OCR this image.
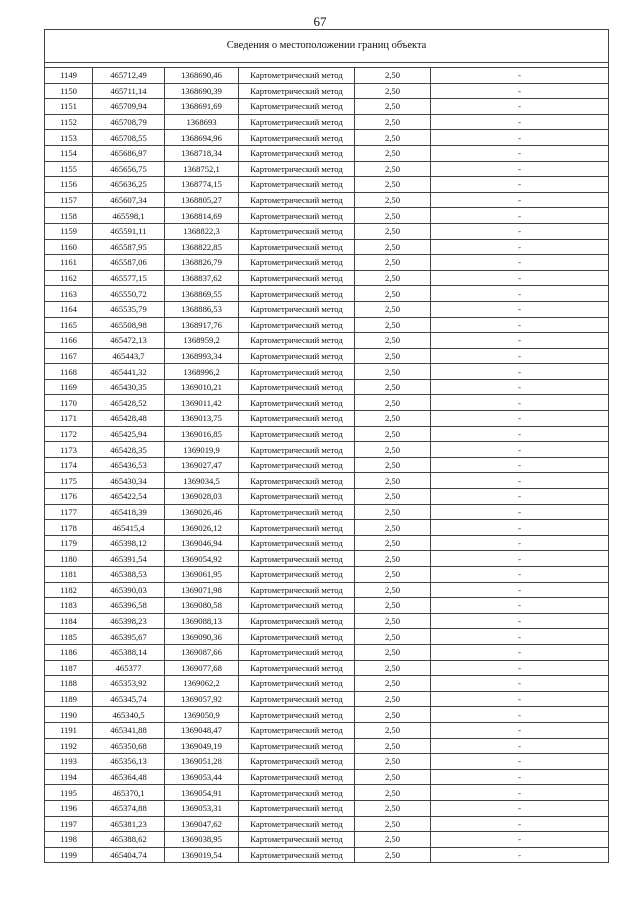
67
Сведения о местоположении границ объекта					

1149	465712,49	1368690,46	Картометрический метод	2,50	-
1150	465711,14	1368690,39	Картометрический метод	2,50	-
1151	465709,94	1368691,69	Картометрический метод	2,50	-
1152	465708,79	1368693	Картометрический метод	2,50	-
1153	465708,55	1368694,96	Картометрический метод	2,50	-
1154	465686,97	1368718,34	Картометрический метод	2,50	-
1155	465656,75	1368752,1	Картометрический метод	2,50	-
1156	465636,25	1368774,15	Картометрический метод	2,50	-
1157	465607,34	1368805,27	Картометрический метод	2,50	-
1158	465598,1	1368814,69	Картометрический метод	2,50	-
1159	465591,11	1368822,3	Картометрический метод	2,50	-
1160	465587,95	1368822,85	Картометрический метод	2,50	-
1161	465587,06	1368826,79	Картометрический метод	2,50	-
1162	465577,15	1368837,62	Картометрический метод	2,50	-
1163	465550,72	1368869,55	Картометрический метод	2,50	-
1164	465535,79	1368886,53	Картометрический метод	2,50	-
1165	465508,98	1368917,76	Картометрический метод	2,50	-
1166	465472,13	1368959,2	Картометрический метод	2,50	-
1167	465443,7	1368993,34	Картометрический метод	2,50	-
1168	465441,32	1368996,2	Картометрический метод	2,50	-
1169	465430,35	1369010,21	Картометрический метод	2,50	-
1170	465428,52	1369011,42	Картометрический метод	2,50	-
1171	465428,48	1369013,75	Картометрический метод	2,50	-
1172	465425,94	1369016,85	Картометрический метод	2,50	-
1173	465428,35	1369019,9	Картометрический метод	2,50	-
1174	465436,53	1369027,47	Картометрический метод	2,50	-
1175	465430,34	1369034,5	Картометрический метод	2,50	-
1176	465422,54	1369028,03	Картометрический метод	2,50	-
1177	465418,39	1369026,46	Картометрический метод	2,50	-
1178	465415,4	1369026,12	Картометрический метод	2,50	-
1179	465398,12	1369046,94	Картометрический метод	2,50	-
1180	465391,54	1369054,92	Картометрический метод	2,50	-
1181	465388,53	1369061,95	Картометрический метод	2,50	-
1182	465390,03	1369071,98	Картометрический метод	2,50	-
1183	465396,58	1369080,58	Картометрический метод	2,50	-
1184	465398,23	1369088,13	Картометрический метод	2,50	-
1185	465395,67	1369090,36	Картометрический метод	2,50	-
1186	465388,14	1369087,66	Картометрический метод	2,50	-
1187	465377	1369077,68	Картометрический метод	2,50	-
1188	465353,92	1369062,2	Картометрический метод	2,50	-
1189	465345,74	1369057,92	Картометрический метод	2,50	-
1190	465340,5	1369050,9	Картометрический метод	2,50	-
1191	465341,88	1369048,47	Картометрический метод	2,50	-
1192	465350,68	1369049,19	Картометрический метод	2,50	-
1193	465356,13	1369051,28	Картометрический метод	2,50	-
1194	465364,48	1369053,44	Картометрический метод	2,50	-
1195	465370,1	1369054,91	Картометрический метод	2,50	-
1196	465374,88	1369053,31	Картометрический метод	2,50	-
1197	465381,23	1369047,62	Картометрический метод	2,50	-
1198	465388,62	1369038,95	Картометрический метод	2,50	-
1199	465404,74	1369019,54	Картометрический метод	2,50	-
